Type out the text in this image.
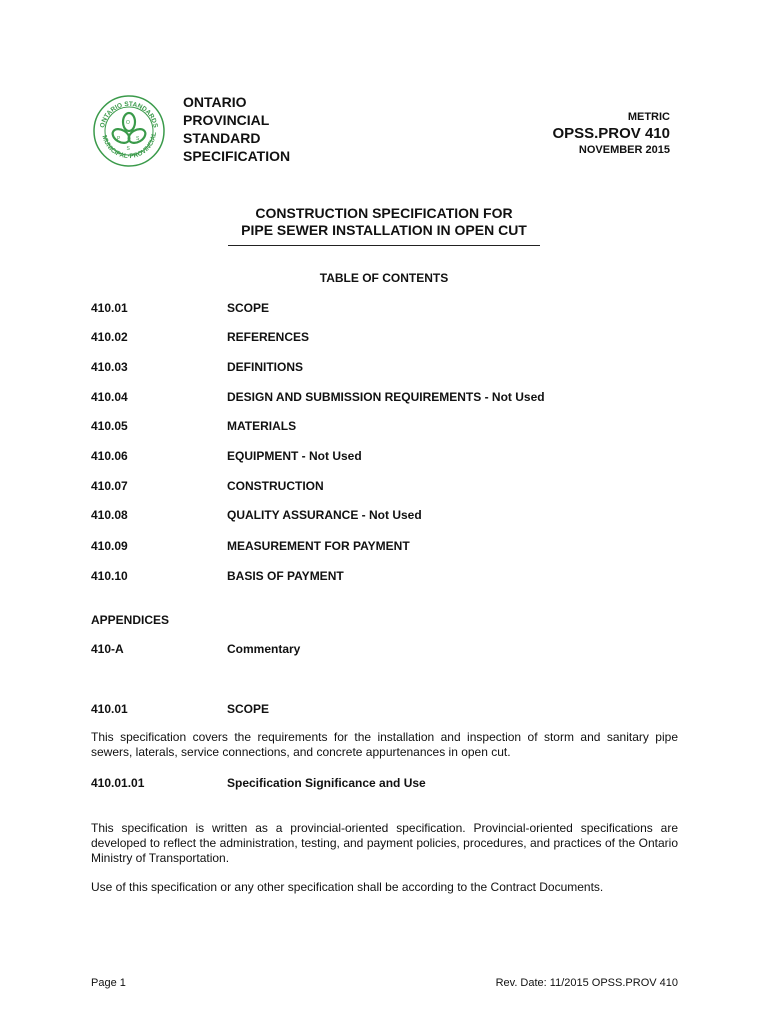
ONTARIO STANDARDS
MUNICIPAL·PROVINCIAL
O
P	S
S
ONTARIO
PROVINCIAL
STANDARD
SPECIFICATION
METRIC
OPSS.PROV 410
NOVEMBER 2015
CONSTRUCTION SPECIFICATION FOR
PIPE SEWER INSTALLATION IN OPEN CUT
TABLE OF CONTENTS
410.01	SCOPE
410.02	REFERENCES
410.03	DEFINITIONS
410.04	DESIGN AND SUBMISSION REQUIREMENTS - Not Used
410.05	MATERIALS
410.06	EQUIPMENT - Not Used
410.07	CONSTRUCTION
410.08	QUALITY ASSURANCE - Not Used
410.09	MEASUREMENT FOR PAYMENT
410.10	BASIS OF PAYMENT
APPENDICES
410-A	Commentary
410.01	SCOPE
This specification covers the requirements for the installation and inspection of storm and sanitary pipe sewers, laterals, service connections, and concrete appurtenances in open cut.
410.01.01	Specification Significance and Use
This specification is written as a provincial-oriented specification. Provincial-oriented specifications are developed to reflect the administration, testing, and payment policies, procedures, and practices of the Ontario Ministry of Transportation.
Use of this specification or any other specification shall be according to the Contract Documents.
Page 1	Rev. Date: 11/2015 OPSS.PROV 410
